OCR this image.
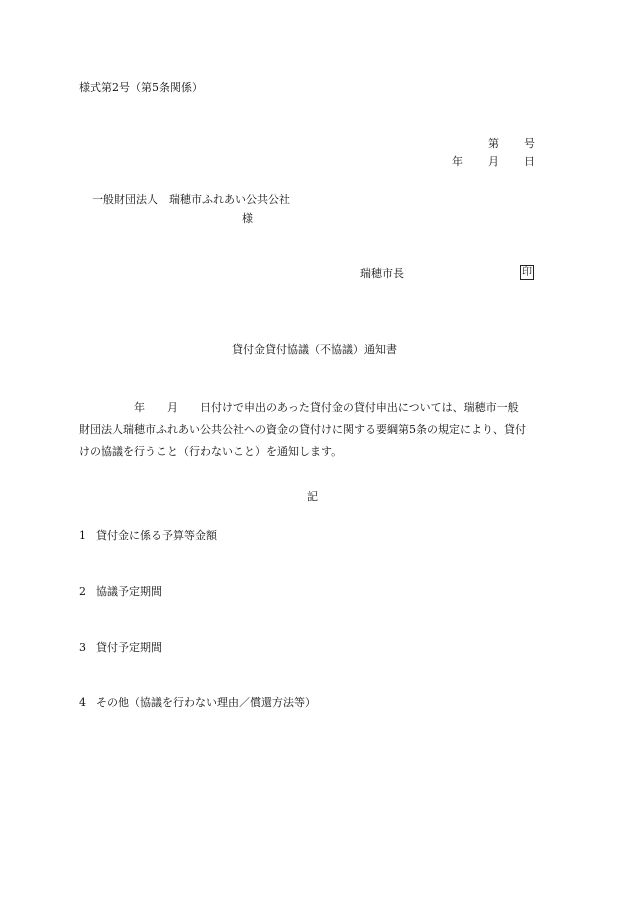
様式第2号（第5条関係）
第 号
年 月 日
一般財団法人　瑞穂市ふれあい公共公社
様
瑞穂市長	印
貸付金貸付協議（不協議）通知書
　　　　　年　　月　　日付けで申出のあった貸付金の貸付申出については、瑞穂市一般
財団法人瑞穂市ふれあい公共公社への資金の貸付けに関する要綱第5条の規定により、貸付
けの協議を行うこと（行わないこと）を通知します。
記
1 貸付金に係る予算等金額
2 協議予定期間
3 貸付予定期間
4 その他（協議を行わない理由／償還方法等）
